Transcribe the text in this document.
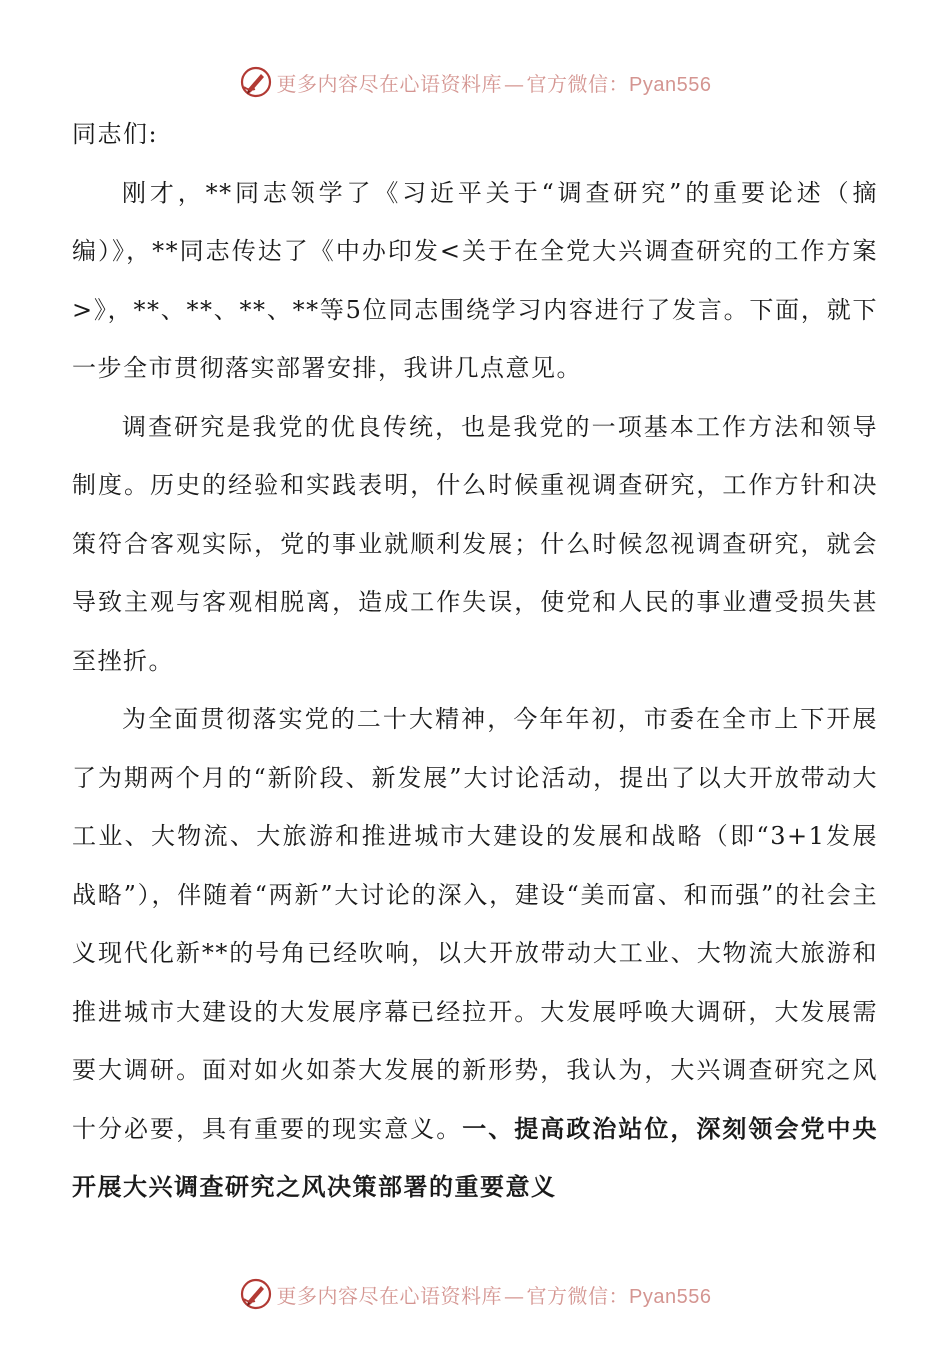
更多内容尽在心语资料库 — 官方微信：Pyan556

同志们:

刚才，**同志领学了《习近平关于“调查研究”的重要论述（摘编）》，**同志传达了《中办印发<关于在全党大兴调查研究的工作方案>》，**、**、**、**等5位同志围绕学习内容进行了发言。下面，就下一步全市贯彻落实部署安排，我讲几点意见。

调查研究是我党的优良传统，也是我党的一项基本工作方法和领导制度。历史的经验和实践表明，什么时候重视调查研究，工作方针和决策符合客观实际，党的事业就顺利发展；什么时候忽视调查研究，就会导致主观与客观相脱离，造成工作失误，使党和人民的事业遭受损失甚至挫折。

为全面贯彻落实党的二十大精神，今年年初，市委在全市上下开展了为期两个月的“新阶段、新发展”大讨论活动，提出了以大开放带动大工业、大物流、大旅游和推进城市大建设的发展和战略（即“3+1发展战略”），伴随着“两新”大讨论的深入，建设“美而富、和而强”的社会主义现代化新**的号角已经吹响，以大开放带动大工业、大物流大旅游和推进城市大建设的大发展序幕已经拉开。大发展呼唤大调研，大发展需要大调研。面对如火如荼大发展的新形势，我认为，大兴调查研究之风十分必要，具有重要的现实意义。一、提高政治站位，深刻领会党中央开展大兴调查研究之风决策部署的重要意义

更多内容尽在心语资料库 — 官方微信：Pyan556
